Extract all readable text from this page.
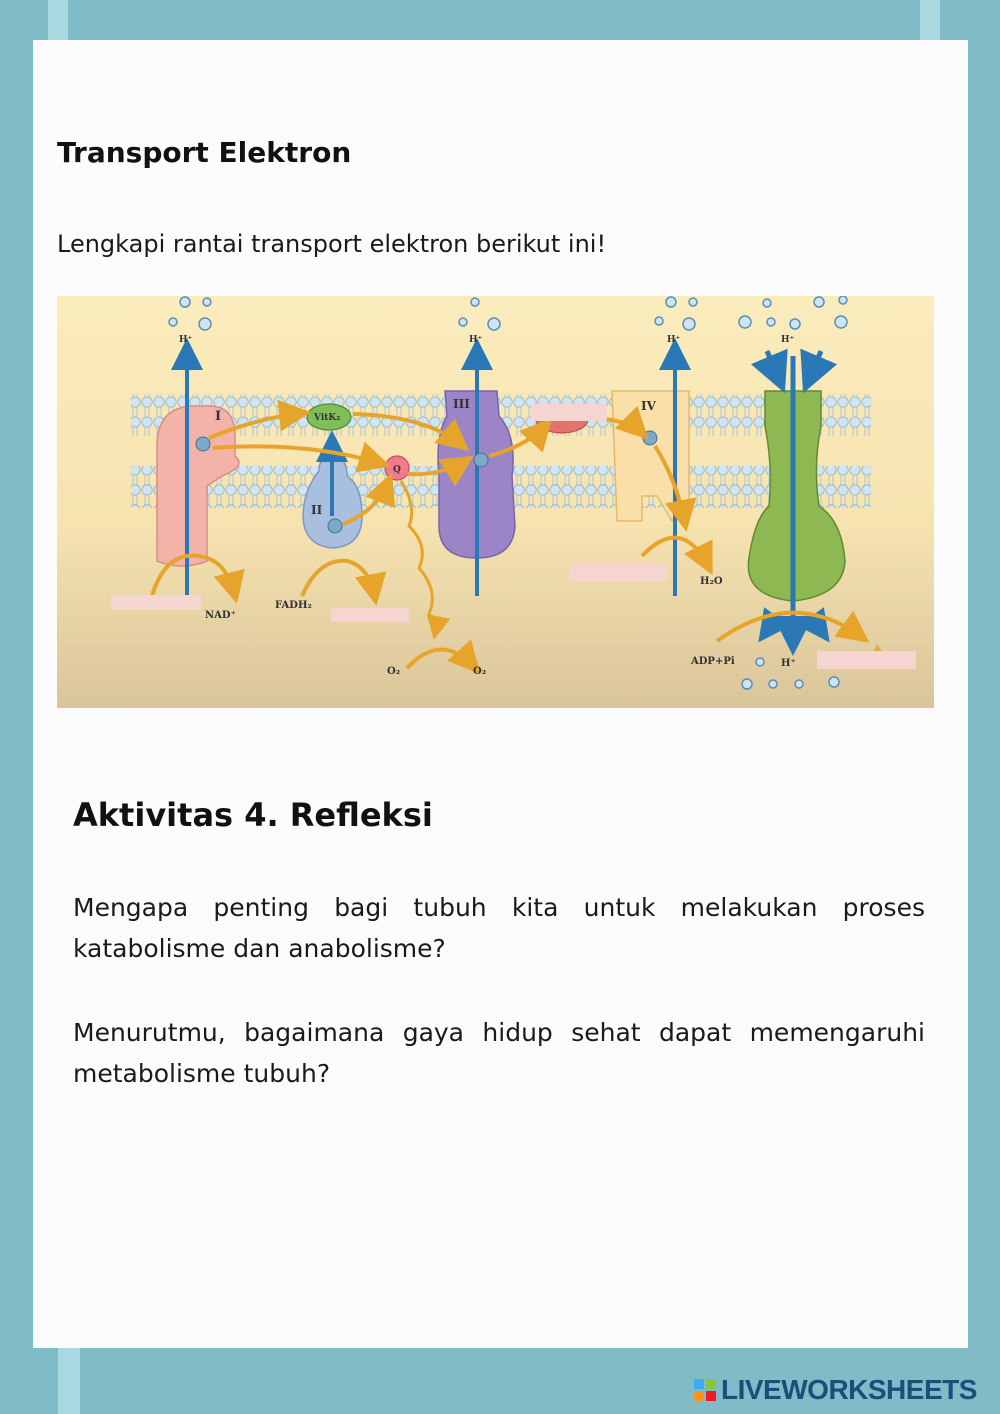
Transport Elektron

Lengkapi rantai transport elektron berikut ini!

H⁺	H⁺	H⁺	H⁺
H⁺
I
II
III	IV
VitK₂
Q
NAD⁺
FADH₂
O₂	O₂
H₂O
ADP+Pi
Aktivitas 4. Refleksi

Mengapa penting bagi tubuh kita untuk melakukan proses katabolisme dan anabolisme?

Menurutmu, bagaimana gaya hidup sehat dapat memengaruhi metabolisme tubuh?

LIVEWORKSHEETS
